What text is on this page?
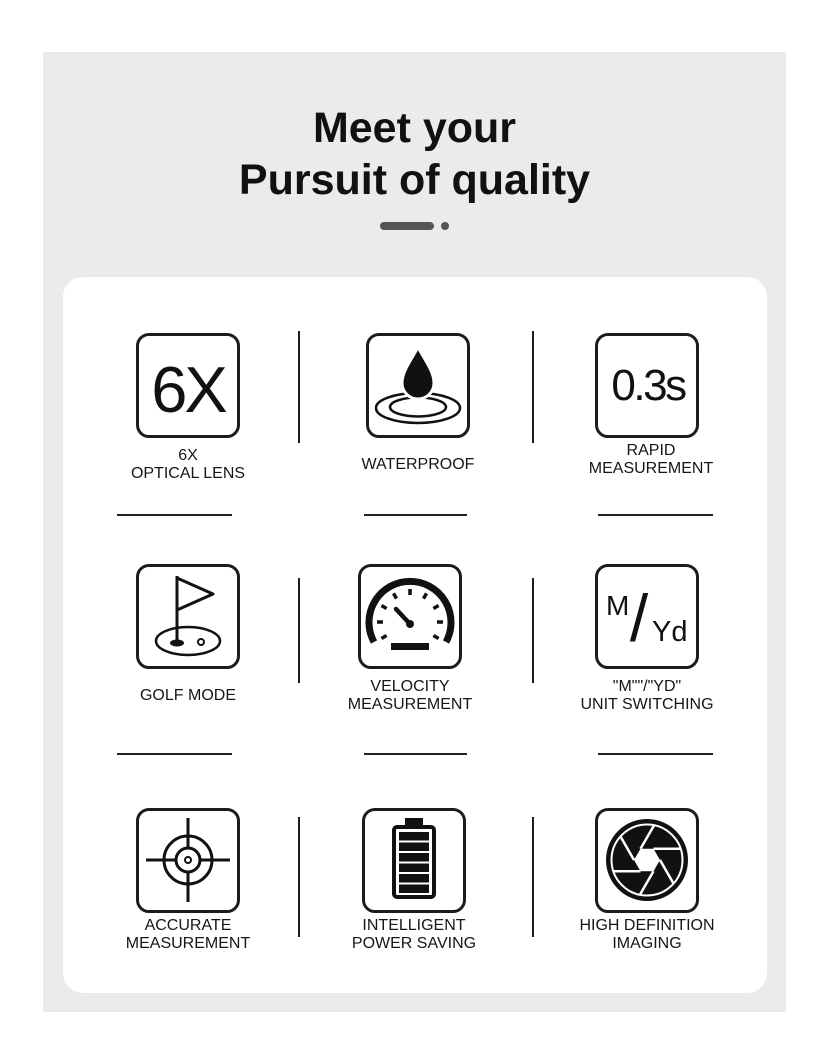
Meet your
Pursuit of quality
6X
6X
OPTICAL LENS
WATERPROOF
0.3s
RAPID
MEASUREMENT
GOLF MODE
VELOCITY
MEASUREMENT
M / Yd
"M""/"YD"
UNIT SWITCHING
ACCURATE
MEASUREMENT
INTELLIGENT
POWER SAVING
HIGH DEFINITION
IMAGING
